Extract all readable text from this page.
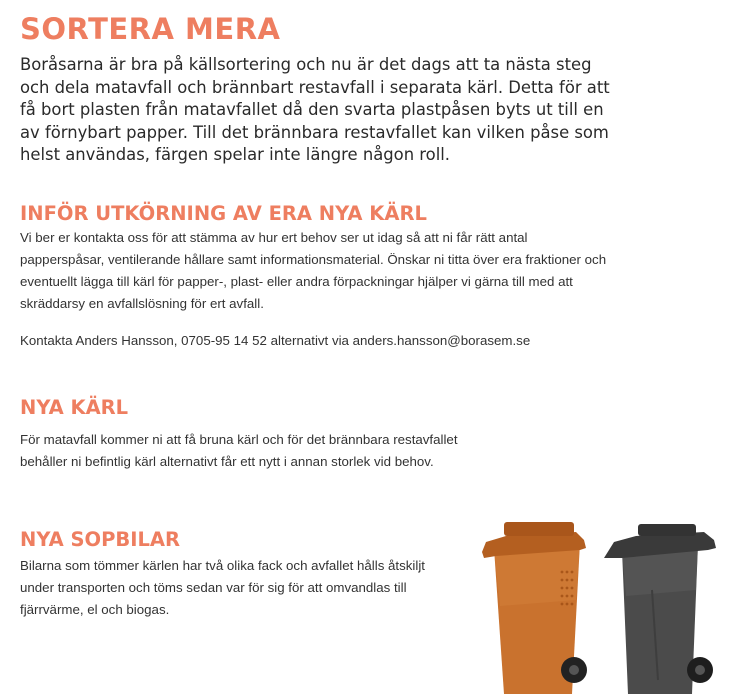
SORTERA MERA

Boråsarna är bra på källsortering och nu är det dags att ta nästa steg och dela matavfall och brännbart restavfall i separata kärl. Detta för att få bort plasten från matavfallet då den svarta plastpåsen byts ut till en av förnybart papper. Till det brännbara restavfallet kan vilken påse som helst användas, färgen spelar inte längre någon roll.

INFÖR UTKÖRNING AV ERA NYA KÄRL

Vi ber er kontakta oss för att stämma av hur ert behov ser ut idag så att ni får rätt antal papperspåsar, ventilerande hållare samt informationsmaterial. Önskar ni titta över era fraktioner och eventuellt lägga till kärl för papper-, plast- eller andra förpackningar hjälper vi gärna till med att skräddarsy en avfallslösning för ert avfall.

Kontakta Anders Hansson, 0705-95 14 52 alternativt via anders.hansson@borasem.se

NYA KÄRL

För matavfall kommer ni att få bruna kärl och för det brännbara restavfallet behåller ni befintlig kärl alternativt får ett nytt i annan storlek vid behov.

NYA SOPBILAR

Bilarna som tömmer kärlen har två olika fack och avfallet hålls åtskiljt under transporten och töms sedan var för sig för att omvandlas till fjärrvärme, el och biogas.
